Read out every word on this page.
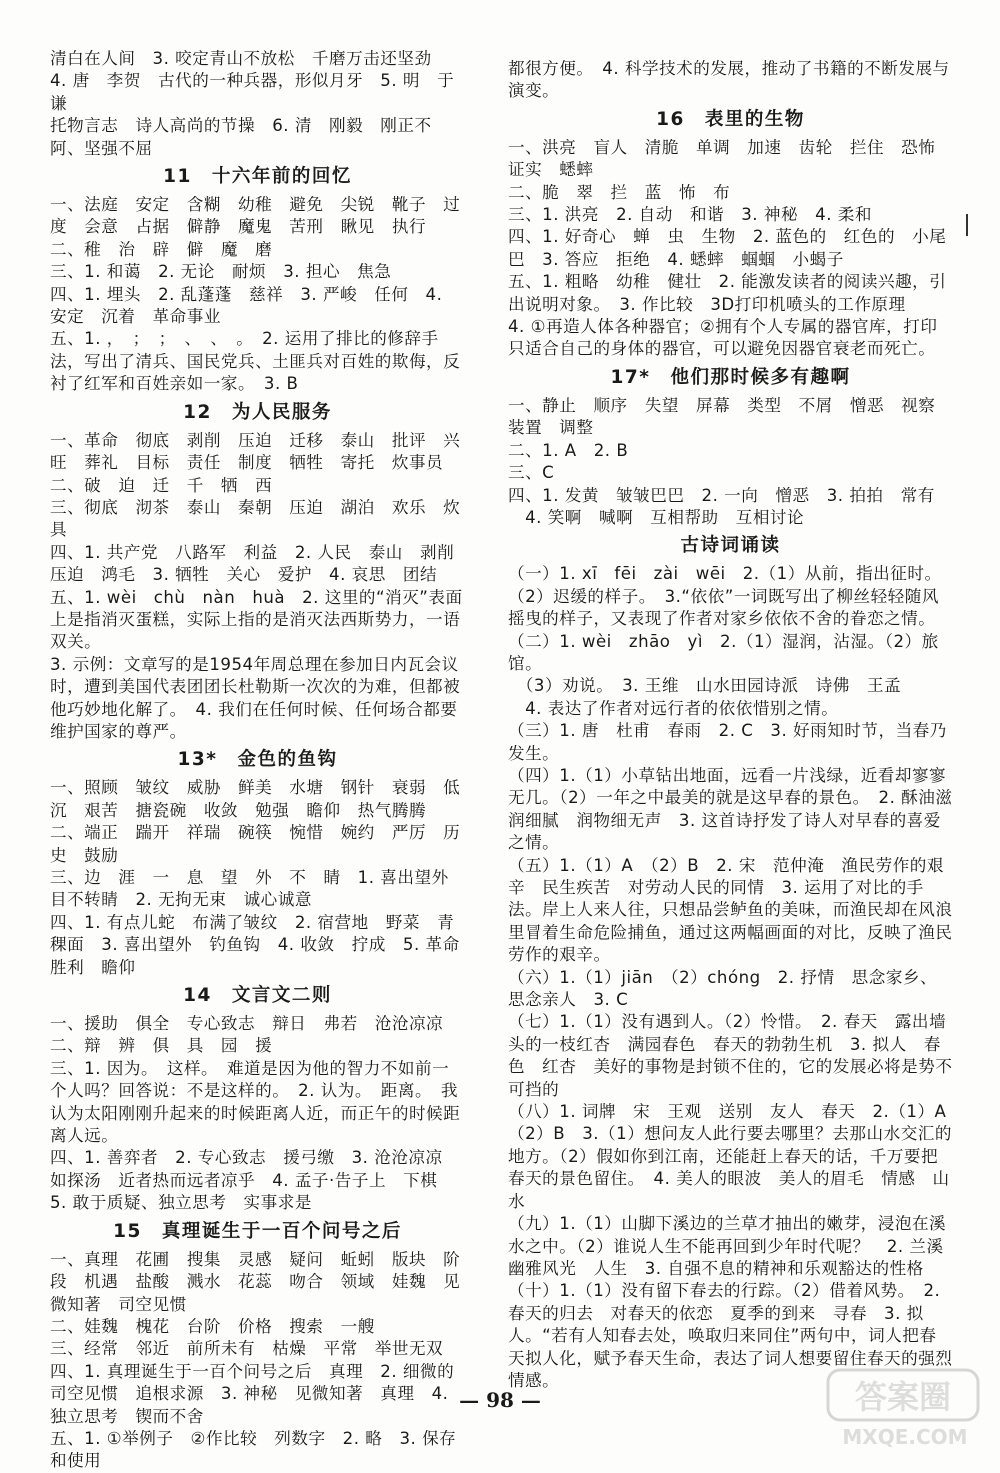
清白在人间　3. 咬定青山不放松　千磨万击还坚劲
4. 唐　李贺　古代的一种兵器，形似月牙　5. 明　于谦
托物言志　诗人高尚的节操　6. 清　刚毅　刚正不阿、坚强不屈
11　十六年前的回忆
一、法庭　安定　含糊　幼稚　避免　尖锐　靴子　过度　会意　占据　僻静　魔鬼　苦刑　瞅见　执行
二、稚　治　辟　僻　魔　磨
三、1. 和蔼　2. 无论　耐烦　3. 担心　焦急
四、1. 埋头　2. 乱蓬蓬　慈祥　3. 严峻　任何　4. 安定　沉着　革命事业
五、1. ，　；　；　、　、　。　2. 运用了排比的修辞手法，写出了清兵、国民党兵、土匪兵对百姓的欺侮，反衬了红军和百姓亲如一家。　3. B
12　为人民服务
一、革命　彻底　剥削　压迫　迁移　泰山　批评　兴旺　葬礼　目标　责任　制度　牺牲　寄托　炊事员
二、破　迫　迁　千　牺　西
三、彻底　沏茶　泰山　秦朝　压迫　湖泊　欢乐　炊具
四、1. 共产党　八路军　利益　2. 人民　泰山　剥削　压迫　鸿毛　3. 牺牲　关心　爱护　4. 哀思　团结
五、1. wèi　chù　nàn　huà　2. 这里的“消灭”表面上是指消灭蛋糕，实际上指的是消灭法西斯势力，一语双关。
3. 示例：文章写的是1954年周总理在参加日内瓦会议时，遭到美国代表团团长杜勒斯一次次的为难，但都被他巧妙地化解了。　4. 我们在任何时候、任何场合都要维护国家的尊严。
13*　金色的鱼钩
一、照顾　皱纹　威胁　鲜美　水塘　钢针　衰弱　低沉　艰苦　搪瓷碗　收敛　勉强　瞻仰　热气腾腾
二、端正　踹开　祥瑞　碗筷　惋惜　婉约　严厉　历史　鼓励
三、边　涯　一　息　望　外　不　睛　1. 喜出望外　目不转睛　2. 无拘无束　诚心诚意
四、1. 有点儿蛇　布满了皱纹　2. 宿营地　野菜　青稞面　3. 喜出望外　钓鱼钩　4. 收敛　拧成　5. 革命胜利　瞻仰
14　文言文二则
一、援助　俱全　专心致志　辩日　弗若　沧沧凉凉
二、辩　辨　俱　具　园　援
三、1. 因为。　这样。　难道是因为他的智力不如前一个人吗？回答说：不是这样的。　2. 认为。　距离。　我认为太阳刚刚升起来的时候距离人近，而正午的时候距离人远。
四、1. 善弈者　2. 专心致志　援弓缴　3. 沧沧凉凉　如探汤　近者热而远者凉乎　4. 孟子·告子上　下棋　5. 敢于质疑、独立思考　实事求是
15　真理诞生于一百个问号之后
一、真理　花圃　搜集　灵感　疑问　蚯蚓　版块　阶段　机遇　盐酸　溅水　花蕊　吻合　领域　娃魏　见微知著　司空见惯
二、娃魏　槐花　台阶　价格　搜索　一艘
三、经常　邻近　前所未有　枯燥　平常　举世无双
四、1. 真理诞生于一百个问号之后　真理　2. 细微的　司空见惯　追根求源　3. 神秘　见微知著　真理　4. 独立思考　锲而不舍
五、1. ①举例子　②作比较　列数字　2. 略　3. 保存和使用
都很方便。　4. 科学技术的发展，推动了书籍的不断发展与演变。
16　表里的生物
一、洪亮　盲人　清脆　单调　加速　齿轮　拦住　恐怖　证实　蟋蟀
二、脆　翠　拦　蓝　怖　布
三、1. 洪亮　2. 自动　和谐　3. 神秘　4. 柔和
四、1. 好奇心　蝉　虫　生物　2. 蓝色的　红色的　小尾巴　3. 答应　拒绝　4. 蟋蟀　蝈蝈　小蝎子
五、1. 粗略　幼稚　健壮　2. 能激发读者的阅读兴趣，引出说明对象。　3. 作比较　3D打印机喷头的工作原理
4. ①再造人体各种器官；②拥有个人专属的器官库，打印只适合自己的身体的器官，可以避免因器官衰老而死亡。
17*　他们那时候多有趣啊
一、静止　顺序　失望　屏幕　类型　不屑　憎恶　视察　装置　调整
二、1. A　2. B
三、C
四、1. 发黄　皱皱巴巴　2. 一向　憎恶　3. 拍拍　常有
　4. 笑啊　喊啊　互相帮助　互相讨论
古诗词诵读
（一）1. xī　fēi　zài　wēi　2.（1）从前，指出征时。（2）迟缓的样子。　3.“依依”一词既写出了柳丝轻轻随风摇曳的样子，又表现了作者对家乡依依不舍的眷恋之情。
（二）1. wèi　zhāo　yì　2.（1）湿润，沾湿。（2）旅馆。
　（3）劝说。　3. 王维　山水田园诗派　诗佛　王孟
　4. 表达了作者对远行者的依依惜别之情。
（三）1. 唐　杜甫　春雨　2. C　3. 好雨知时节，当春乃发生。
（四）1.（1）小草钻出地面，远看一片浅绿，近看却寥寥无几。（2）一年之中最美的就是这早春的景色。　2. 酥油滋润细腻　润物细无声　3. 这首诗抒发了诗人对早春的喜爱之情。
（五）1.（1）A　（2）B　2. 宋　范仲淹　渔民劳作的艰辛　民生疾苦　对劳动人民的同情　3. 运用了对比的手法。岸上人来人往，只想品尝鲈鱼的美味，而渔民却在风浪里冒着生命危险捕鱼，通过这两幅画面的对比，反映了渔民劳作的艰辛。
（六）1.（1）jiān　（2）chóng　2. 抒情　思念家乡、思念亲人　3. C
（七）1.（1）没有遇到人。（2）怜惜。　2. 春天　露出墙头的一枝红杏　满园春色　春天的勃勃生机　3. 拟人　春色　红杏　美好的事物是封锁不住的，它的发展必将是势不可挡的
（八）1. 词牌　宋　王观　送别　友人　春天　2.（1）A　（2）B　3.（1）想问友人此行要去哪里？去那山水交汇的地方。（2）假如你到江南，还能赶上春天的话，千万要把春天的景色留住。　4. 美人的眼波　美人的眉毛　情感　山水
（九）1.（1）山脚下溪边的兰草才抽出的嫩芽，浸泡在溪水之中。（2）谁说人生不能再回到少年时代呢？　2. 兰溪　幽雅风光　人生　3. 自强不息的精神和乐观豁达的性格
（十）1.（1）没有留下春去的行踪。（2）借着风势。　2. 春天的归去　对春天的依恋　夏季的到来　寻春　3. 拟人。“若有人知春去处，唤取归来同住”两句中，词人把春天拟人化，赋予春天生命，表达了词人想要留住春天的强烈情感。
— 98 —	答案圈
MXQE.COM
